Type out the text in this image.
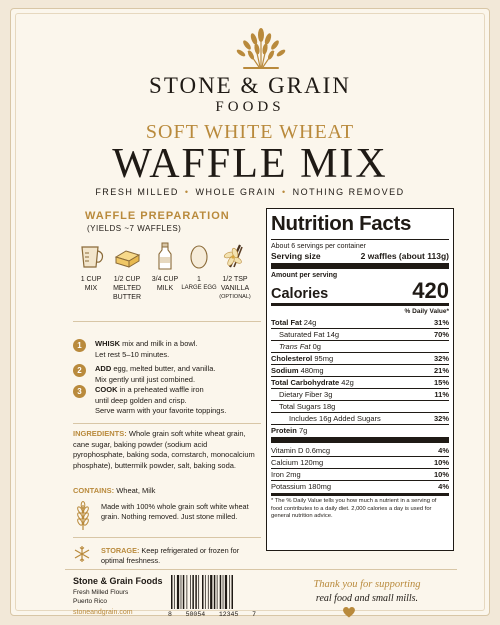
STONE & GRAIN
FOODS
SOFT WHITE WHEAT
WAFFLE MIX
FRESH MILLED • WHOLE GRAIN • NOTHING REMOVED
WAFFLE PREPARATION
(YIELDS ~7 WAFFLES)
1 CUP
MIX
1/2 CUP
MELTED
BUTTER
3/4 CUP
MILK
1
LARGE EGG
1/2 TSP
VANILLA
(OPTIONAL)
1	WHISK mix and milk in a bowl.
Let rest 5–10 minutes.
2	ADD egg, melted butter, and vanilla.
Mix gently until just combined.
3	COOK in a preheated waffle iron
until deep golden and crisp.
Serve warm with your favorite toppings.
INGREDIENTS: Whole grain soft white wheat grain, cane sugar, baking powder (sodium acid pyrophosphate, baking soda, cornstarch, monocalcium phosphate), buttermilk powder, salt, baking soda.
CONTAINS: Wheat, Milk
Made with 100% whole grain soft white wheat grain. Nothing removed. Just stone milled.
STORAGE: Keep refrigerated or frozen for optimal freshness.
Nutrition Facts
About 6 servings per container
Serving size	2 waffles (about 113g)
Amount per serving
Calories	420
% Daily Value*
Total Fat 24g	31%
Saturated Fat 14g	70%
Trans Fat 0g
Cholesterol 95mg	32%
Sodium 480mg	21%
Total Carbohydrate 42g	15%
Dietary Fiber 3g	11%
Total Sugars 18g
Includes 16g Added Sugars	32%
Protein 7g
Vitamin D 0.6mcg	4%
Calcium 120mg	10%
Iron 2mg	10%
Potassium 180mg	4%
* The % Daily Value tells you how much a nutrient in a serving of food contributes to a daily diet. 2,000 calories a day is used for general nutrition advice.
Stone & Grain Foods
Fresh Milled Flours
Puerto Rico
stoneandgrain.com	8 50054 12345 7
Thank you for supporting
real food and small mills.
